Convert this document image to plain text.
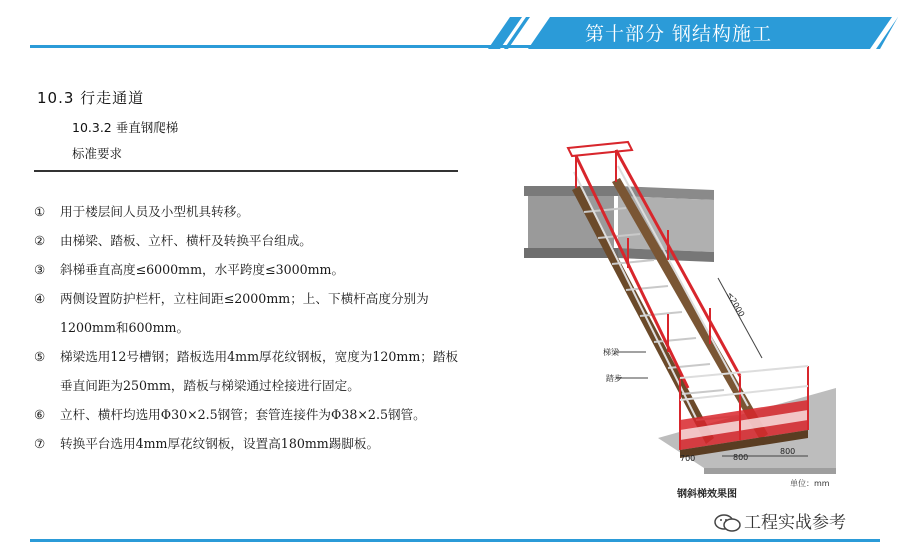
第十部分 钢结构施工
10.3 行走通道
10.3.2 垂直钢爬梯
标准要求
① 用于楼层间人员及小型机具转移。
② 由梯梁、踏板、立杆、横杆及转换平台组成。
③ 斜梯垂直高度≤6000mm，水平跨度≤3000mm。
④ 两侧设置防护栏杆，立柱间距≤2000mm；上、下横杆高度分别为1200mm和600mm。
⑤ 梯梁选用12号槽钢；踏板选用4mm厚花纹钢板，宽度为120mm；踏板垂直间距为250mm，踏板与梯梁通过栓接进行固定。
⑥ 立杆、横杆均选用Φ30×2.5钢管；套管连接件为Φ38×2.5钢管。
⑦ 转换平台选用4mm厚花纹钢板，设置高180mm踢脚板。
梯梁
踏步
≤2000
800
800
700
单位：mm
钢斜梯效果图
工程实战参考
